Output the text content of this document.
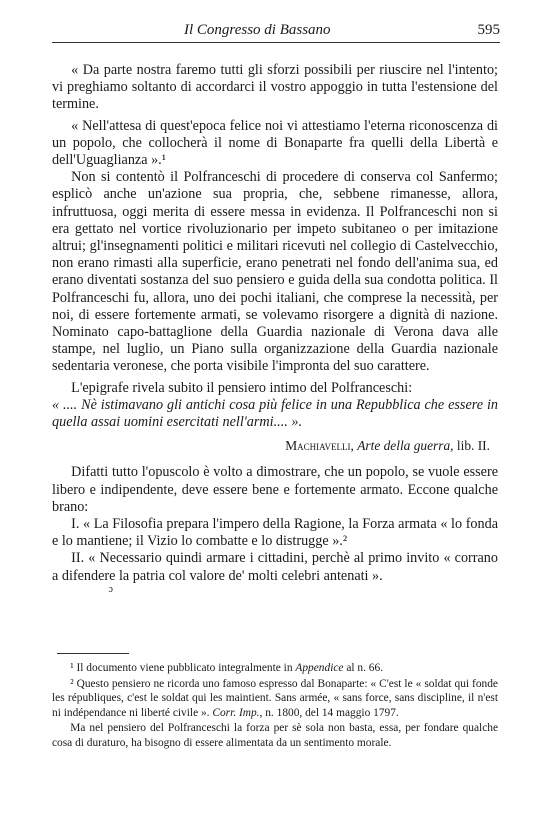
Il Congresso di Bassano	595

« Da parte nostra faremo tutti gli sforzi possibili per riuscire nel l'intento; vi preghiamo soltanto di accordarci il vostro appoggio in tutta l'estensione del termine.

« Nell'attesa di quest'epoca felice noi vi attestiamo l'eterna riconoscenza di un popolo, che collocherà il nome di Bonaparte fra quelli della Libertà e dell'Uguaglianza ».¹

Non si contentò il Polfranceschi di procedere di conserva col Sanfermo; esplicò anche un'azione sua propria, che, sebbene rimanesse, allora, infruttuosa, oggi merita di essere messa in evidenza. Il Polfranceschi non si era gettato nel vortice rivoluzionario per impeto subitaneo o per imitazione altrui; gl'insegnamenti politici e militari ricevuti nel collegio di Castelvecchio, non erano rimasti alla superficie, erano penetrati nel fondo dell'anima sua, ed erano diventati sostanza del suo pensiero e guida della sua condotta politica. Il Polfranceschi fu, allora, uno dei pochi italiani, che comprese la necessità, per noi, di essere fortemente armati, se volevamo risorgere a dignità di nazione. Nominato capo-battaglione della Guardia nazionale di Verona dava alle stampe, nel luglio, un Piano sulla organizzazione della Guardia nazionale sedentaria veronese, che porta visibile l'impronta del suo carattere.

L'epigrafe rivela subito il pensiero intimo del Polfranceschi:

« .... Nè istimavano gli antichi cosa più felice in una Repubblica che essere in quella assai uomini esercitati nell'armi.... ».

Machiavelli, Arte della guerra, lib. II.

Difatti tutto l'opuscolo è volto a dimostrare, che un popolo, se vuole essere libero e indipendente, deve essere bene e fortemente armato. Eccone qualche brano:

I. « La Filosofia prepara l'impero della Ragione, la Forza armata « lo fonda e lo mantiene; il Vizio lo combatte e lo distrugge ».²

II. « Necessario quindi armare i cittadini, perchè al primo invito « corrano a difendere la patria col valore de' molti celebri antenati ».

ɔ

¹ Il documento viene pubblicato integralmente in Appendice al n. 66.

² Questo pensiero ne ricorda uno famoso espresso dal Bonaparte: « C'est le « soldat qui fonde les républiques, c'est le soldat qui les maintient. Sans armée, « sans force, sans discipline, il n'est ni indépendance ni liberté civile ». Corr. Imp., n. 1800, del 14 maggio 1797.

Ma nel pensiero del Polfranceschi la forza per sè sola non basta, essa, per fondare qualche cosa di duraturo, ha bisogno di essere alimentata da un sentimento morale.
